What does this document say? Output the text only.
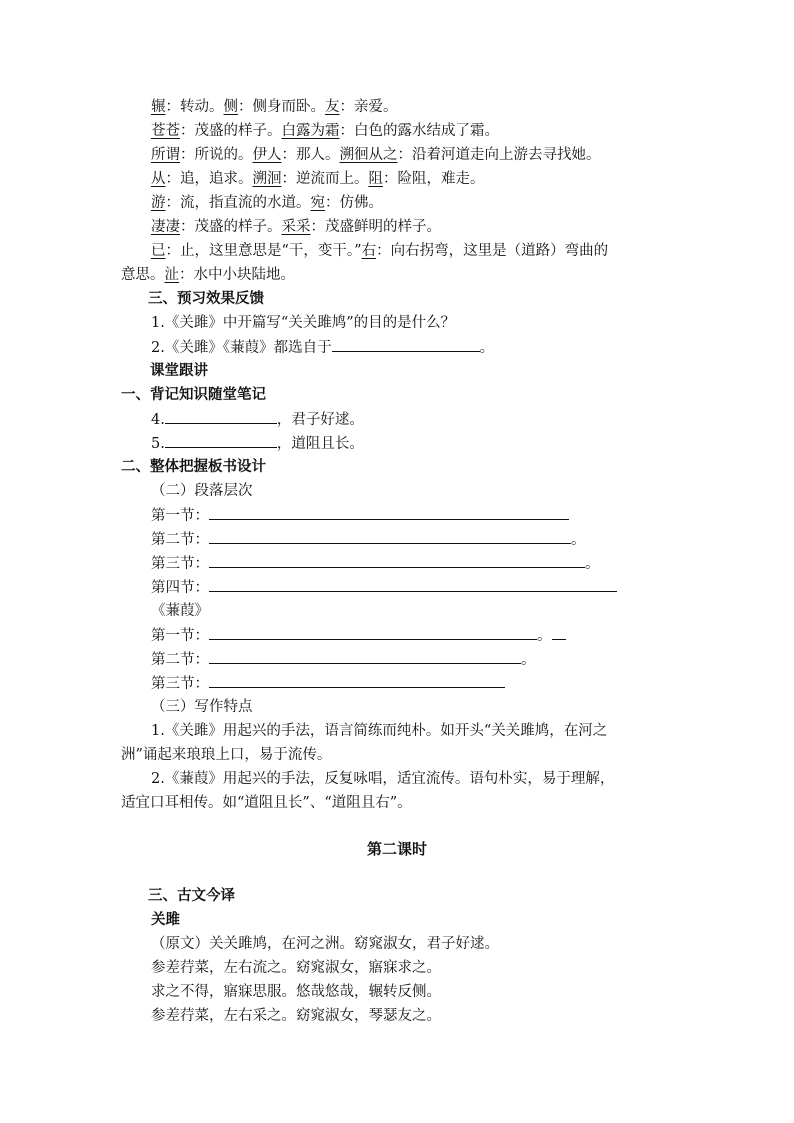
辗：转动。侧：侧身而卧。友：亲爱。
苍苍：茂盛的样子。白露为霜：白色的露水结成了霜。
所谓：所说的。伊人：那人。溯徊从之：沿着河道走向上游去寻找她。
从：追，追求。溯洄：逆流而上。阻：险阻，难走。
游：流，指直流的水道。宛：仿佛。
凄凄：茂盛的样子。采采：茂盛鲜明的样子。
已：止，这里意思是“干，变干。”右：向右拐弯，这里是（道路）弯曲的
意思。沚：水中小块陆地。
三、预习效果反馈
1.《关雎》中开篇写“关关雎鸠”的目的是什么？
2.《关雎》《蒹葭》都选自于	。
课堂跟讲
一、背记知识随堂笔记
4.	，君子好逑。
5.	，道阻且长。
二、整体把握板书设计
（二）段落层次
第一节：
第二节：	。
第三节：	。
第四节：
《蒹葭》
第一节：	。
第二节：	。
第三节：
（三）写作特点
1.《关雎》用起兴的手法，语言简练而纯朴。如开头“关关雎鸠，在河之
洲”诵起来琅琅上口，易于流传。
2.《蒹葭》用起兴的手法，反复咏唱，适宜流传。语句朴实，易于理解，
适宜口耳相传。如“道阻且长”、“道阻且右”。
第二课时
三、古文今译
关雎
（原文）关关雎鸠，在河之洲。窈窕淑女，君子好逑。
参差荇菜，左右流之。窈窕淑女，寤寐求之。
求之不得，寤寐思服。悠哉悠哉，辗转反侧。
参差荇菜，左右采之。窈窕淑女，琴瑟友之。
